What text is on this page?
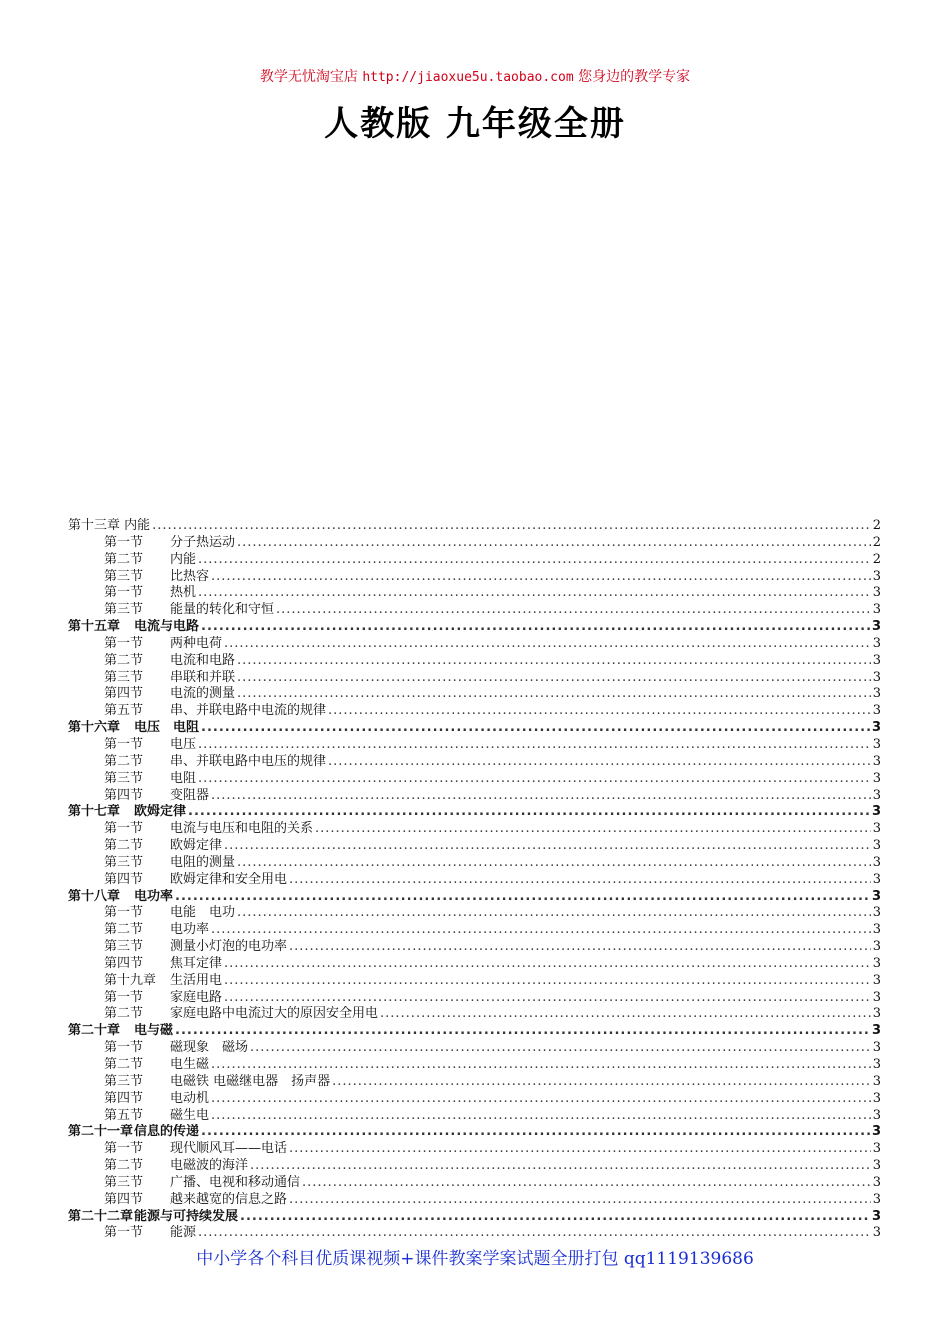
教学无忧淘宝店 http://jiaoxue5u.taobao.com 您身边的教学专家
人教版 九年级全册
第十三章 内能 .....	2
第一节 分子热运动 .....	2
第二节 内能 .....	2
第三节 比热容 .....	3
第一节 热机 .....	3
第三节 能量的转化和守恒 .....	3
第十五章 电流与电路 .....	3
第一节 两种电荷 .....	3
第二节 电流和电路 .....	3
第三节 串联和并联 .....	3
第四节 电流的测量 .....	3
第五节 串、并联电路中电流的规律 .....	3
第十六章 电压　电阻 .....	3
第一节 电压 .....	3
第二节 串、并联电路中电压的规律 .....	3
第三节 电阻 .....	3
第四节 变阻器 .....	3
第十七章 欧姆定律 .....	3
第一节 电流与电压和电阻的关系 .....	3
第二节 欧姆定律 .....	3
第三节 电阻的测量 .....	3
第四节 欧姆定律和安全用电 .....	3
第十八章 电功率 .....	3
第一节 电能　电功 .....	3
第二节 电功率 .....	3
第三节 测量小灯泡的电功率 .....	3
第四节 焦耳定律 .....	3
第十九章 生活用电 .....	3
第一节 家庭电路 .....	3
第二节 家庭电路中电流过大的原因安全用电 .....	3
第二十章 电与磁 .....	3
第一节 磁现象　磁场 .....	3
第二节 电生磁 .....	3
第三节 电磁铁 电磁继电器　扬声器 .....	3
第四节 电动机 .....	3
第五节 磁生电 .....	3
第二十一章信息的传递 .....	3
第一节 现代顺风耳——电话 .....	3
第二节 电磁波的海洋 .....	3
第三节 广播、电视和移动通信 .....	3
第四节 越来越宽的信息之路 .....	3
第二十二章能源与可持续发展 .....	3
第一节 能源 .....	3
中小学各个科目优质课视频+课件教案学案试题全册打包 qq1119139686
